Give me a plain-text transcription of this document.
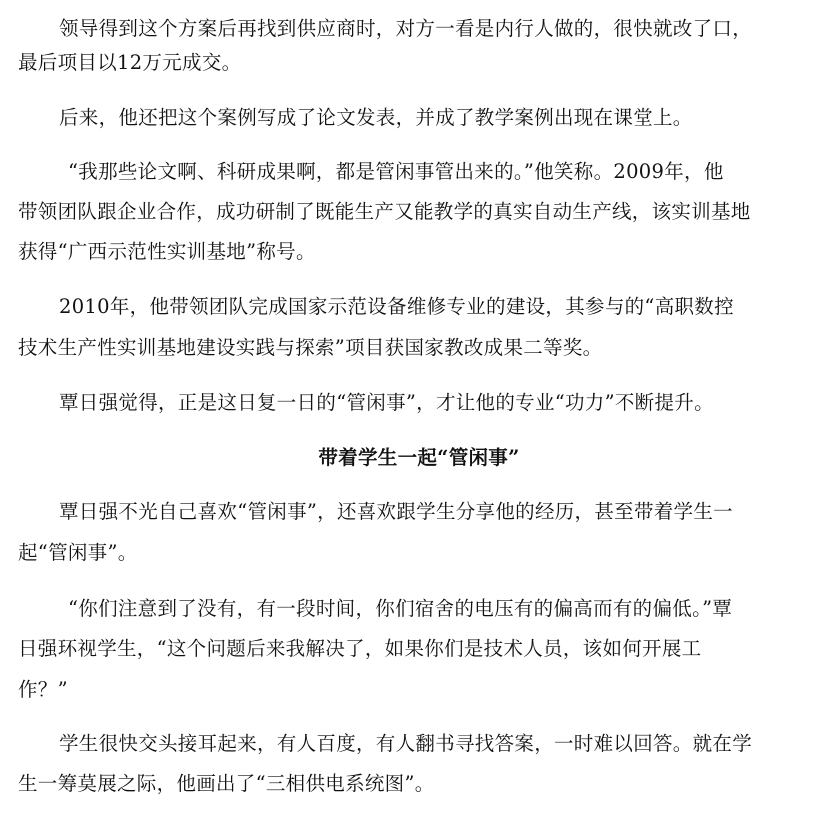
领导得到这个方案后再找到供应商时，对方一看是内行人做的，很快就改了口，
最后项目以12万元成交。
后来，他还把这个案例写成了论文发表，并成了教学案例出现在课堂上。
“我那些论文啊、科研成果啊，都是管闲事管出来的。”他笑称。2009年，他
带领团队跟企业合作，成功研制了既能生产又能教学的真实自动生产线，该实训基地
获得“广西示范性实训基地”称号。
2010年，他带领团队完成国家示范设备维修专业的建设，其参与的“高职数控
技术生产性实训基地建设实践与探索”项目获国家教改成果二等奖。
覃日强觉得，正是这日复一日的“管闲事”，才让他的专业“功力”不断提升。
带着学生一起“管闲事”
覃日强不光自己喜欢“管闲事”，还喜欢跟学生分享他的经历，甚至带着学生一
起“管闲事”。
“你们注意到了没有，有一段时间，你们宿舍的电压有的偏高而有的偏低。”覃
日强环视学生，“这个问题后来我解决了，如果你们是技术人员，该如何开展工
作？”
学生很快交头接耳起来，有人百度，有人翻书寻找答案，一时难以回答。就在学
生一筹莫展之际，他画出了“三相供电系统图”。
